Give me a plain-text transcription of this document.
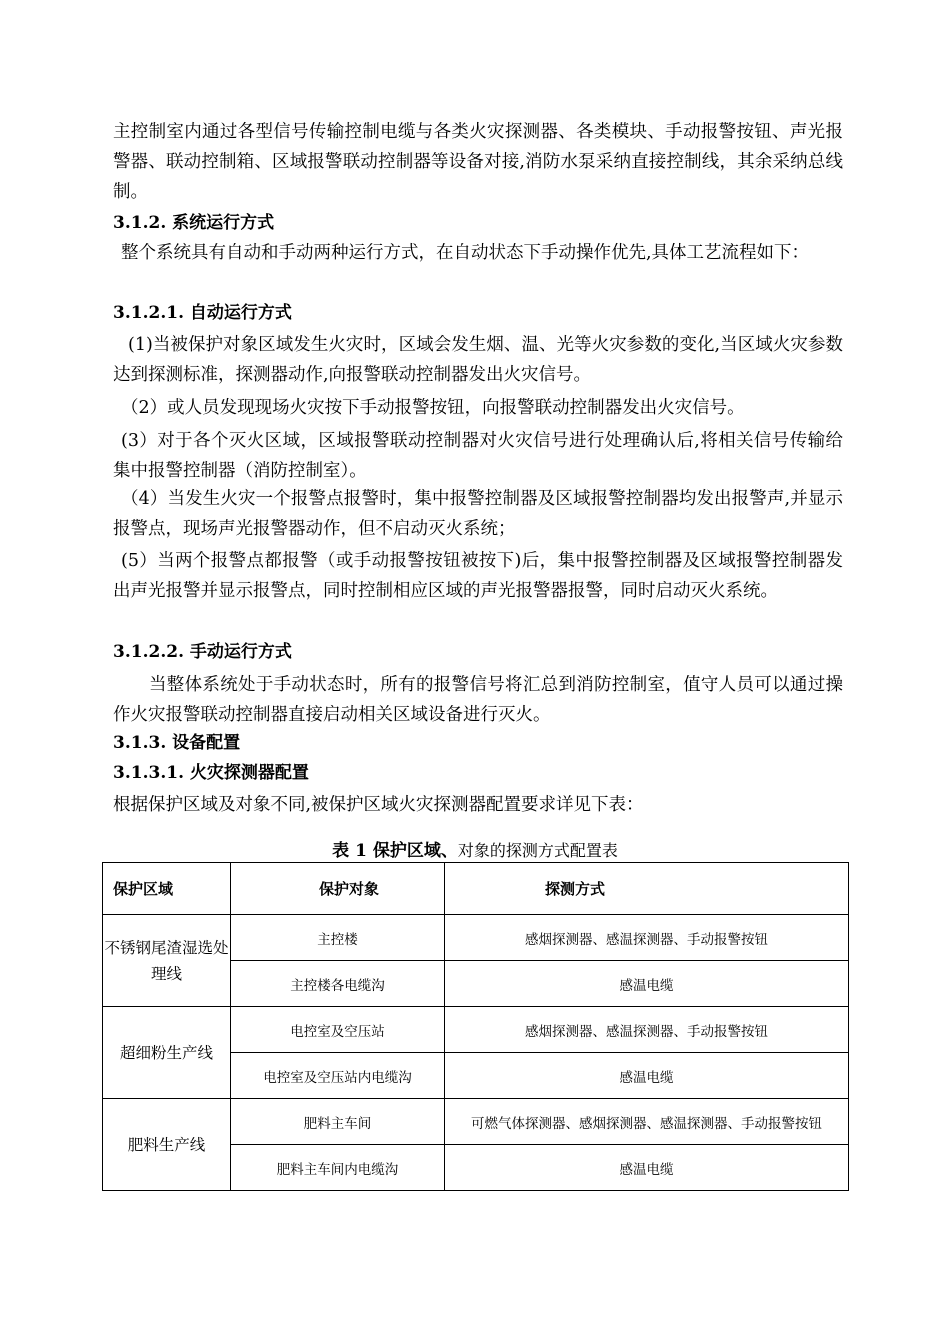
主控制室内通过各型信号传输控制电缆与各类火灾探测器、各类模块、手动报警按钮、声光报警器、联动控制箱、区域报警联动控制器等设备对接,消防水泵采纳直接控制线，其余采纳总线制。

3.1.2. 系统运行方式

整个系统具有自动和手动两种运行方式，在自动状态下手动操作优先,具体工艺流程如下：

3.1.2.1. 自动运行方式

(1)当被保护对象区域发生火灾时，区域会发生烟、温、光等火灾参数的变化,当区域火灾参数达到探测标准，探测器动作,向报警联动控制器发出火灾信号。

（2）或人员发现现场火灾按下手动报警按钮，向报警联动控制器发出火灾信号。

(3）对于各个灭火区域，区域报警联动控制器对火灾信号进行处理确认后,将相关信号传输给集中报警控制器（消防控制室）。

（4）当发生火灾一个报警点报警时，集中报警控制器及区域报警控制器均发出报警声,并显示报警点，现场声光报警器动作，但不启动灭火系统；

(5）当两个报警点都报警（或手动报警按钮被按下)后，集中报警控制器及区域报警控制器发出声光报警并显示报警点，同时控制相应区域的声光报警器报警，同时启动灭火系统。

3.1.2.2. 手动运行方式

当整体系统处于手动状态时，所有的报警信号将汇总到消防控制室，值守人员可以通过操作火灾报警联动控制器直接启动相关区域设备进行灭火。

3.1.3. 设备配置

3.1.3.1. 火灾探测器配置

根据保护区域及对象不同,被保护区域火灾探测器配置要求详见下表：

表 1 保护区域、对象的探测方式配置表
保护区域	保护对象	探测方式
不锈钢尾渣湿选处理线	主控楼	感烟探测器、感温探测器、手动报警按钮
	主控楼各电缆沟	感温电缆
超细粉生产线	电控室及空压站	感烟探测器、感温探测器、手动报警按钮
	电控室及空压站内电缆沟	感温电缆
肥料生产线	肥料主车间	可燃气体探测器、感烟探测器、感温探测器、手动报警按钮
	肥料主车间内电缆沟	感温电缆
